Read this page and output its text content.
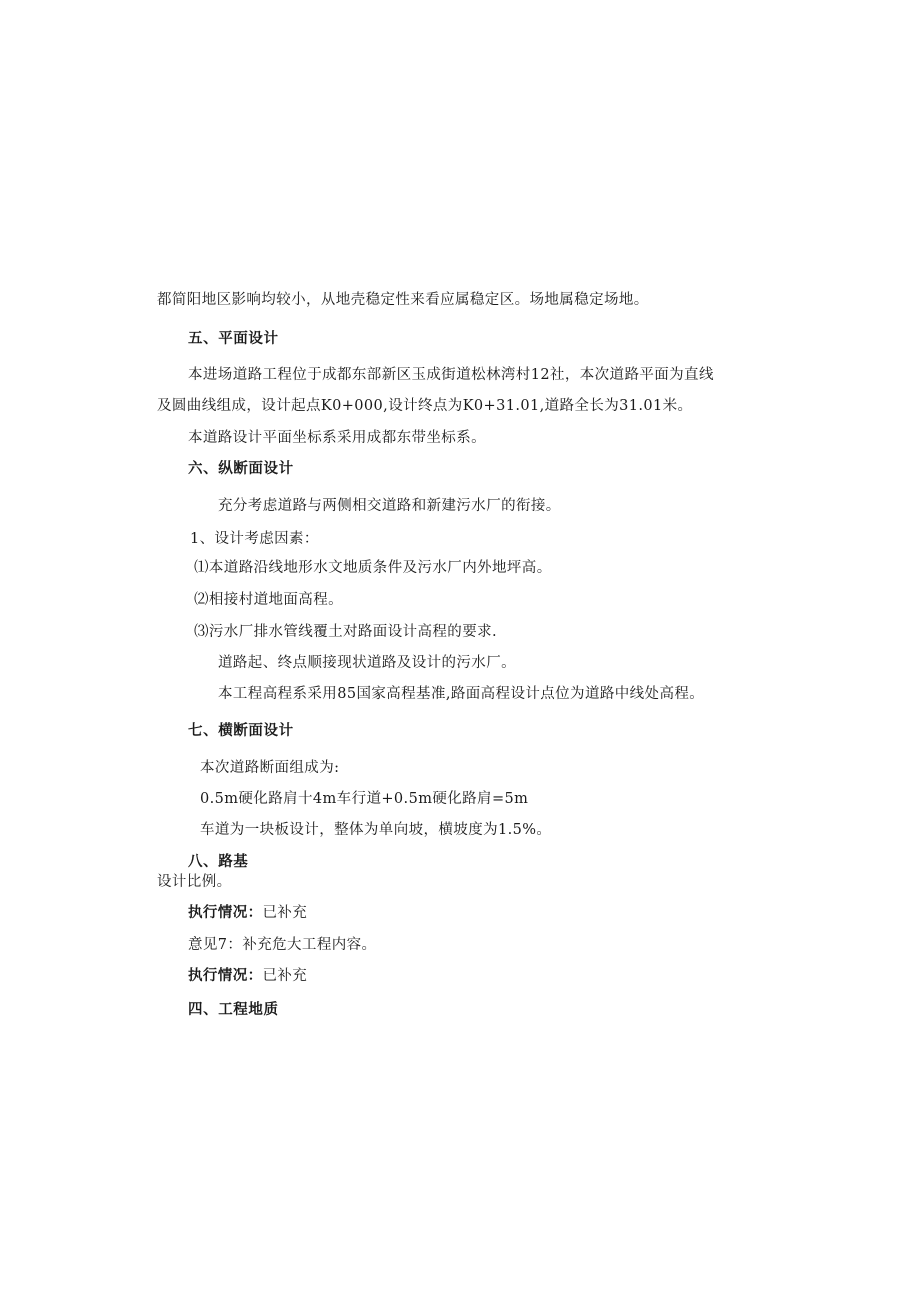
都简阳地区影响均较小，从地壳稳定性来看应属稳定区。场地属稳定场地。
五、平面设计
本进场道路工程位于成都东部新区玉成街道松林湾村12社，本次道路平面为直线
及圆曲线组成，设计起点K0+000,设计终点为K0+31.01,道路全长为31.01米。
本道路设计平面坐标系采用成都东带坐标系。
六、纵断面设计
充分考虑道路与两侧相交道路和新建污水厂的衔接。
1、设计考虑因素：
⑴本道路沿线地形水文地质条件及污水厂内外地坪高。
⑵相接村道地面高程。
⑶污水厂排水管线覆土对路面设计高程的要求.
道路起、终点顺接现状道路及设计的污水厂。
本工程高程系采用85国家高程基准,路面高程设计点位为道路中线处高程。
七、横断面设计
本次道路断面组成为:
0.5m硬化路肩十4m车行道+0.5m硬化路肩=5m
车道为一块板设计，整体为单向坡，横坡度为1.5%。
八、路基
设计比例。
执行情况：已补充
意见7：补充危大工程内容。
执行情况：已补充
四、工程地质
